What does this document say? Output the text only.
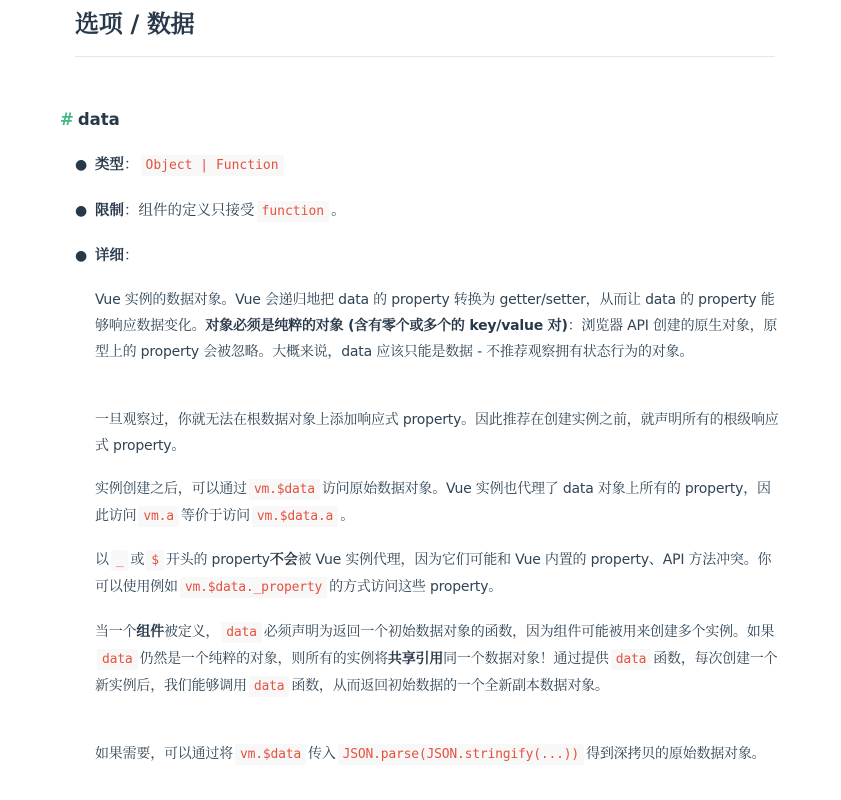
选项 / 数据
# data
● 类型： Object | Function
● 限制：组件的定义只接受 function 。
● 详细：

Vue 实例的数据对象。Vue 会递归地把 data 的 property 转换为 getter/setter，从而让 data 的 property 能够响应数据变化。对象必须是纯粹的对象 (含有零个或多个的 key/value 对)：浏览器 API 创建的原生对象，原型上的 property 会被忽略。大概来说，data 应该只能是数据 - 不推荐观察拥有状态行为的对象。

一旦观察过，你就无法在根数据对象上添加响应式 property。因此推荐在创建实例之前，就声明所有的根级响应式 property。

实例创建之后，可以通过 vm.$data 访问原始数据对象。Vue 实例也代理了 data 对象上所有的 property，因此访问 vm.a 等价于访问 vm.$data.a 。

以 _ 或 $ 开头的 property不会被 Vue 实例代理，因为它们可能和 Vue 内置的 property、API 方法冲突。你可以使用例如 vm.$data._property 的方式访问这些 property。

当一个组件被定义， data 必须声明为返回一个初始数据对象的函数，因为组件可能被用来创建多个实例。如果data 仍然是一个纯粹的对象，则所有的实例将共享引用同一个数据对象！通过提供 data 函数，每次创建一个新实例后，我们能够调用 data 函数，从而返回初始数据的一个全新副本数据对象。

如果需要，可以通过将 vm.$data 传入 JSON.parse(JSON.stringify(...)) 得到深拷贝的原始数据对象。
